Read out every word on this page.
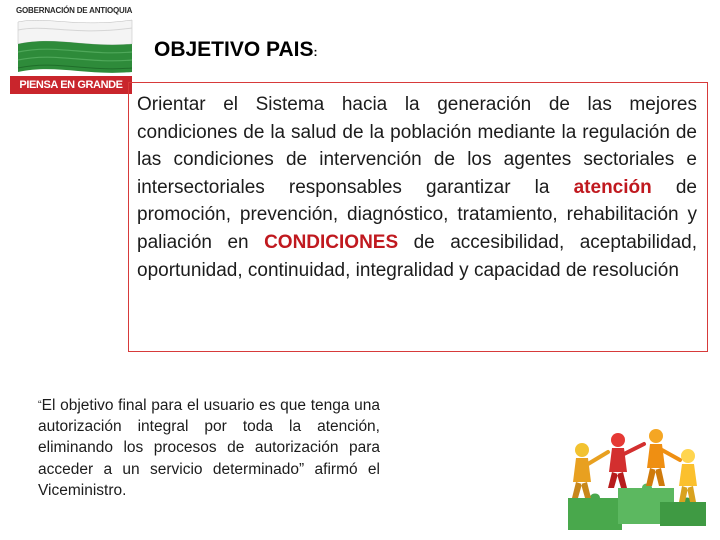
GOBERNACIÓN DE ANTIOQUIA
PIENSA EN GRANDE
OBJETIVO PAIS:

Orientar el Sistema hacia la generación de las mejores condiciones de la salud de la población mediante la regulación de las condiciones de intervención de los agentes sectoriales e intersectoriales responsables garantizar la atención de promoción, prevención, diagnóstico, tratamiento, rehabilitación y paliación en CONDICIONES de accesibilidad, aceptabilidad, oportunidad, continuidad, integralidad y capacidad de resolución

“El objetivo final para el usuario es que tenga una autorización integral por toda la atención, eliminando los procesos de autorización para acceder a un servicio determinado” afirmó el Viceministro.
